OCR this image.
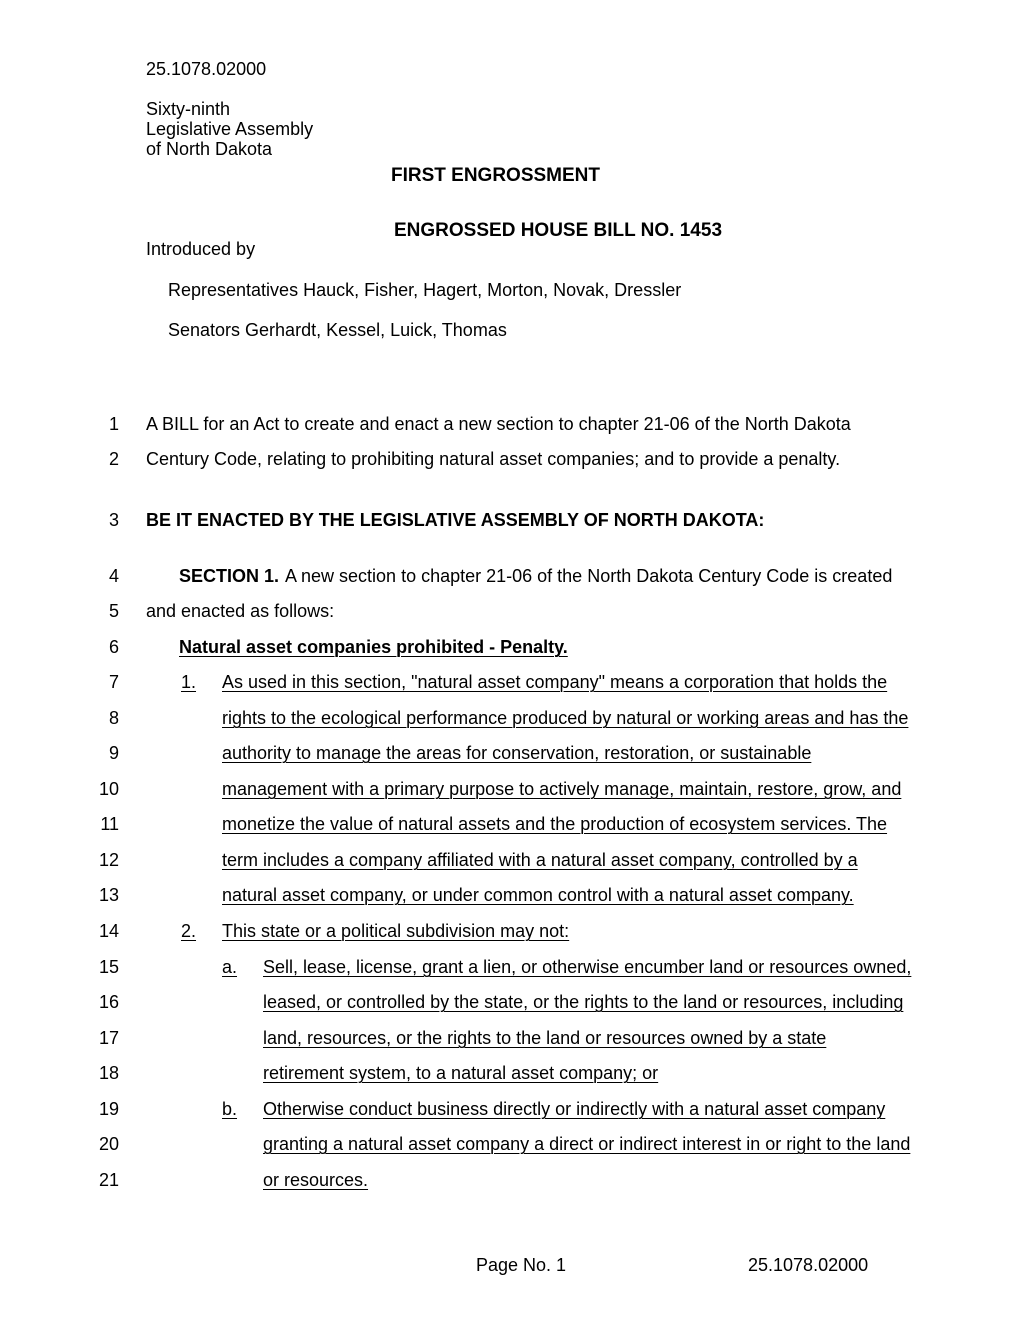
25.1078.02000
Sixty-ninth
Legislative Assembly
of North Dakota
FIRST ENGROSSMENT
ENGROSSED HOUSE BILL NO. 1453
Introduced by
Representatives Hauck, Fisher, Hagert, Morton, Novak, Dressler
Senators Gerhardt, Kessel, Luick, Thomas
1 A BILL for an Act to create and enact a new section to chapter 21-06 of the North Dakota
2 Century Code, relating to prohibiting natural asset companies; and to provide a penalty.
3 BE IT ENACTED BY THE LEGISLATIVE ASSEMBLY OF NORTH DAKOTA:
4	SECTION 1. A new section to chapter 21-06 of the North Dakota Century Code is created
5 and enacted as follows:
6	Natural asset companies prohibited - Penalty.
7	1. As used in this section, "natural asset company" means a corporation that holds the
8	rights to the ecological performance produced by natural or working areas and has the
9	authority to manage the areas for conservation, restoration, or sustainable
10	management with a primary purpose to actively manage, maintain, restore, grow, and
11	monetize the value of natural assets and the production of ecosystem services. The
12	term includes a company affiliated with a natural asset company, controlled by a
13	natural asset company, or under common control with a natural asset company.
14	2. This state or a political subdivision may not:
15	a. Sell, lease, license, grant a lien, or otherwise encumber land or resources owned,
16	leased, or controlled by the state, or the rights to the land or resources, including
17	land, resources, or the rights to the land or resources owned by a state
18	retirement system, to a natural asset company; or
19	b. Otherwise conduct business directly or indirectly with a natural asset company
20	granting a natural asset company a direct or indirect interest in or right to the land
21	or resources.
Page No. 1	25.1078.02000
